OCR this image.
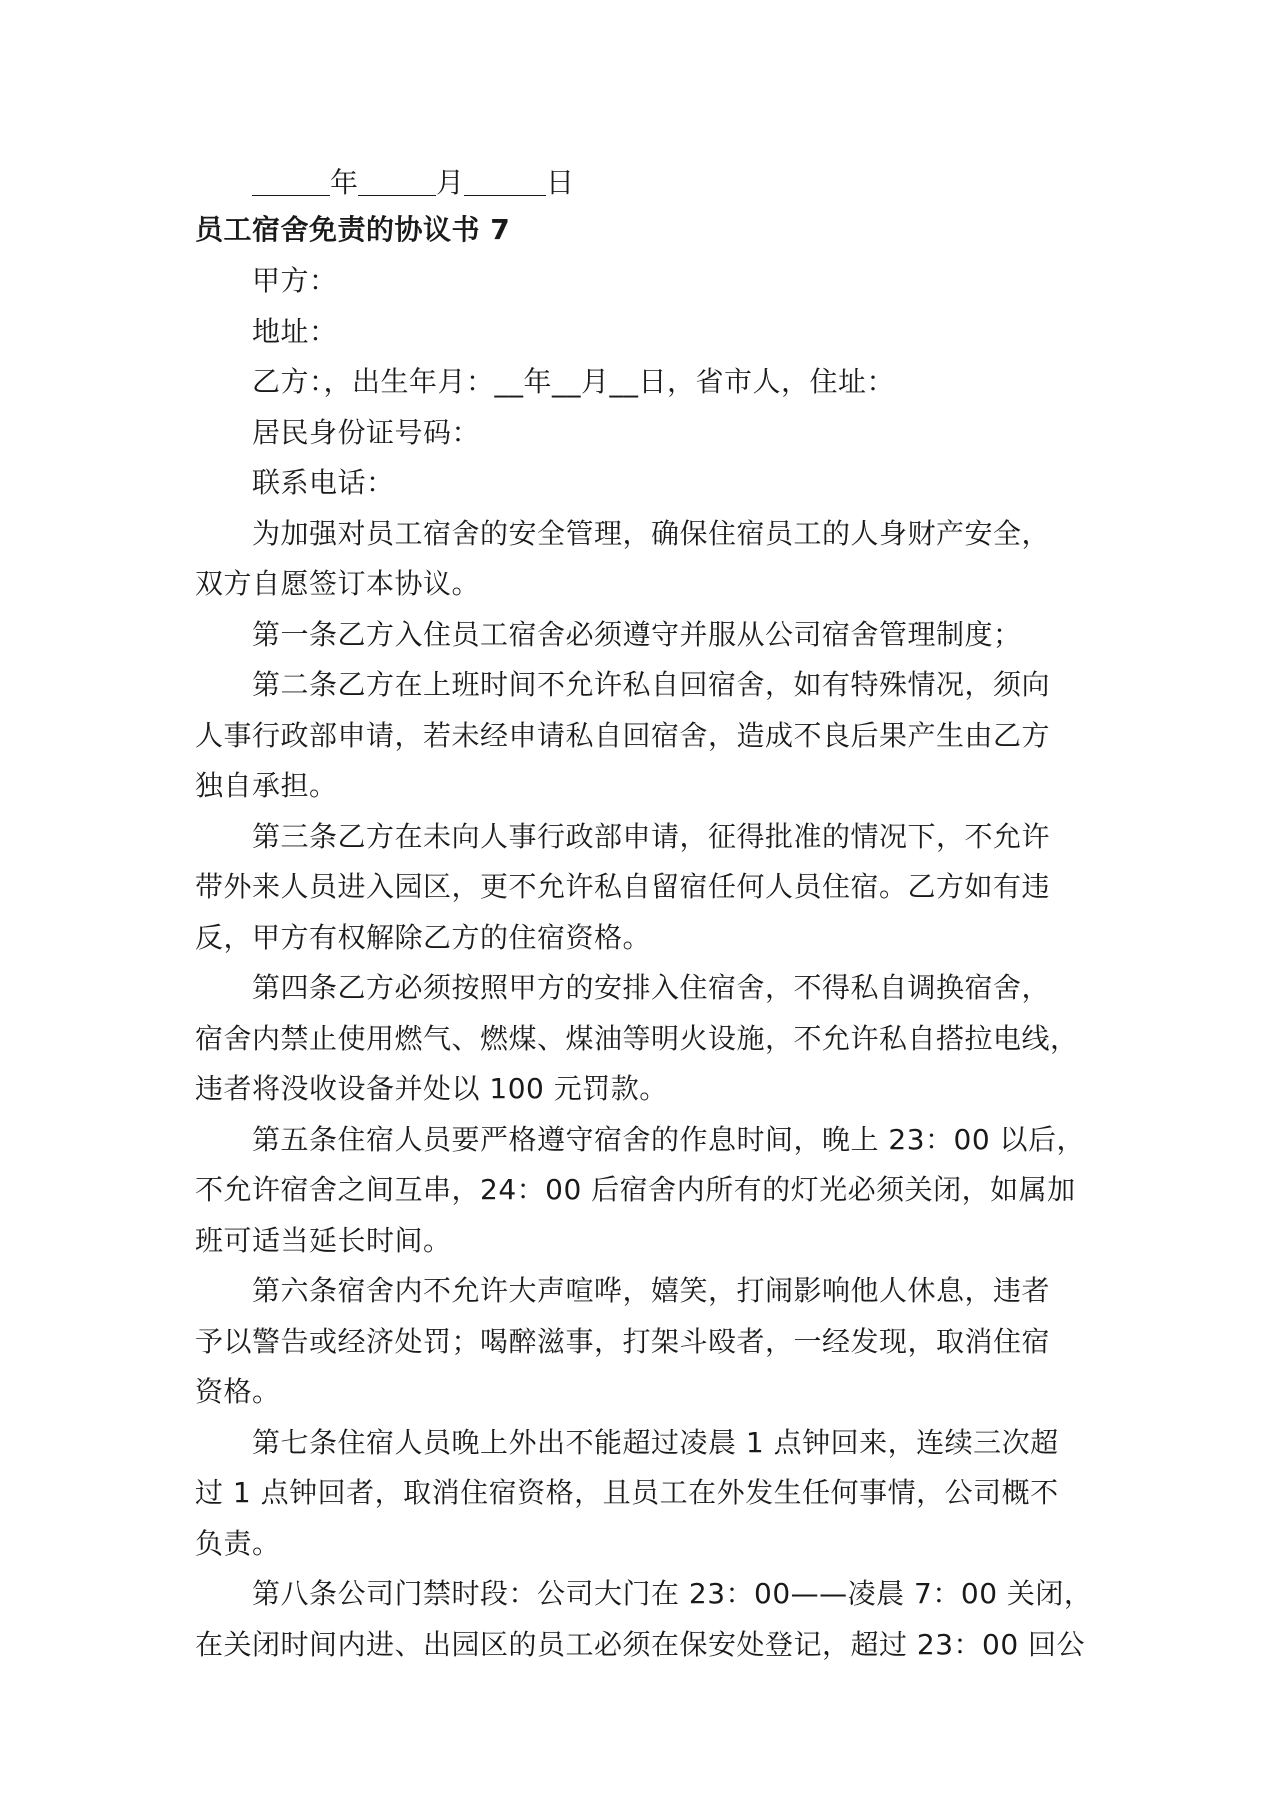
年	月	日
员工宿舍免责的协议书 7
甲方：
地址：
乙方：，出生年月：__年__月__日，省市人，住址：
居民身份证号码：
联系电话：
为加强对员工宿舍的安全管理，确保住宿员工的人身财产安全，
双方自愿签订本协议。
第一条乙方入住员工宿舍必须遵守并服从公司宿舍管理制度；
第二条乙方在上班时间不允许私自回宿舍，如有特殊情况，须向
人事行政部申请，若未经申请私自回宿舍，造成不良后果产生由乙方
独自承担。
第三条乙方在未向人事行政部申请，征得批准的情况下，不允许
带外来人员进入园区，更不允许私自留宿任何人员住宿。乙方如有违
反，甲方有权解除乙方的住宿资格。
第四条乙方必须按照甲方的安排入住宿舍，不得私自调换宿舍，
宿舍内禁止使用燃气、燃煤、煤油等明火设施，不允许私自搭拉电线，
违者将没收设备并处以 100 元罚款。
第五条住宿人员要严格遵守宿舍的作息时间，晚上 23：00 以后，
不允许宿舍之间互串，24：00 后宿舍内所有的灯光必须关闭，如属加
班可适当延长时间。
第六条宿舍内不允许大声喧哗，嬉笑，打闹影响他人休息，违者
予以警告或经济处罚；喝醉滋事，打架斗殴者，一经发现，取消住宿
资格。
第七条住宿人员晚上外出不能超过凌晨 1 点钟回来，连续三次超
过 1 点钟回者，取消住宿资格，且员工在外发生任何事情，公司概不
负责。
第八条公司门禁时段：公司大门在 23：00——凌晨 7：00 关闭，
在关闭时间内进、出园区的员工必须在保安处登记，超过 23：00 回公
